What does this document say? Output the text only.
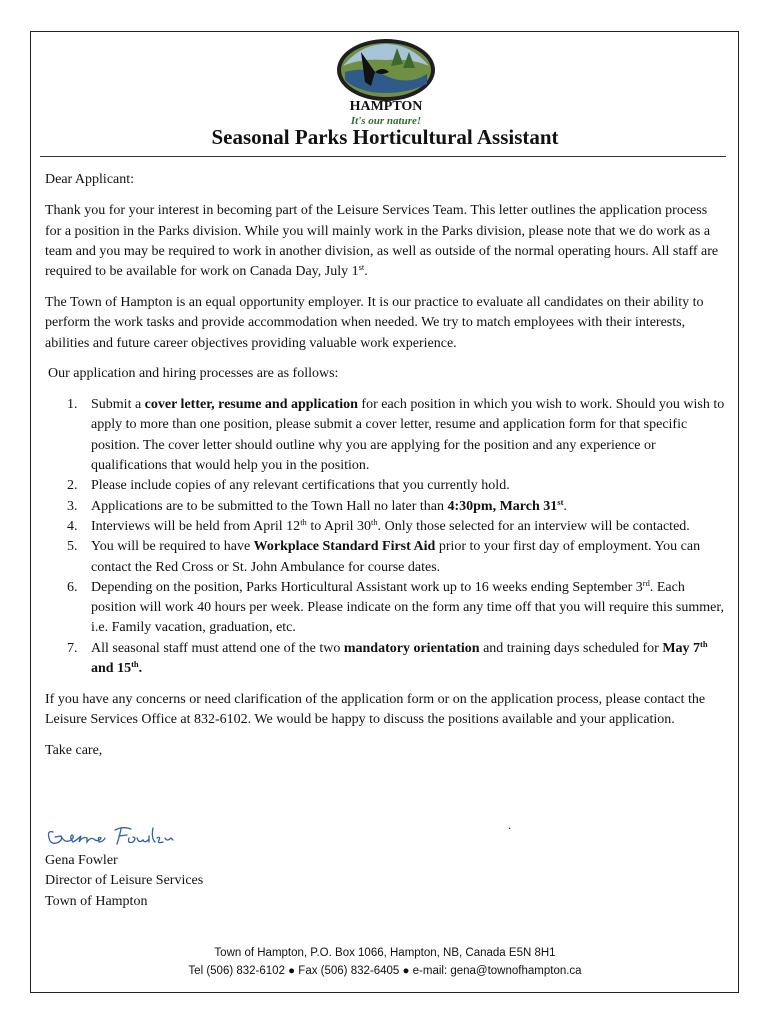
HAMPTON
It's our nature!
Seasonal Parks Horticultural Assistant

Dear Applicant:

Thank you for your interest in becoming part of the Leisure Services Team. This letter outlines the application process for a position in the Parks division. While you will mainly work in the Parks division, please note that we do work as a team and you may be required to work in another division, as well as outside of the normal operating hours. All staff are required to be available for work on Canada Day, July 1st.

The Town of Hampton is an equal opportunity employer. It is our practice to evaluate all candidates on their ability to perform the work tasks and provide accommodation when needed. We try to match employees with their interests, abilities and future career objectives providing valuable work experience.

Our application and hiring processes are as follows:

1. Submit a cover letter, resume and application for each position in which you wish to work. Should you wish to apply to more than one position, please submit a cover letter, resume and application form for that specific position. The cover letter should outline why you are applying for the position and any experience or qualifications that would help you in the position.
2. Please include copies of any relevant certifications that you currently hold.
3. Applications are to be submitted to the Town Hall no later than 4:30pm, March 31st.
4. Interviews will be held from April 12th to April 30th. Only those selected for an interview will be contacted.
5. You will be required to have Workplace Standard First Aid prior to your first day of employment. You can contact the Red Cross or St. John Ambulance for course dates.
6. Depending on the position, Parks Horticultural Assistant work up to 16 weeks ending September 3rd. Each position will work 40 hours per week. Please indicate on the form any time off that you will require this summer, i.e. Family vacation, graduation, etc.
7. All seasonal staff must attend one of the two mandatory orientation and training days scheduled for May 7th and 15th.

If you have any concerns or need clarification of the application form or on the application process, please contact the Leisure Services Office at 832-6102. We would be happy to discuss the positions available and your application.

Take care,

.
Gena Fowler
Director of Leisure Services
Town of Hampton
Town of Hampton, P.O. Box 1066, Hampton, NB, Canada E5N 8H1
Tel (506) 832-6102 ● Fax (506) 832-6405 ● e-mail: gena@townofhampton.ca
